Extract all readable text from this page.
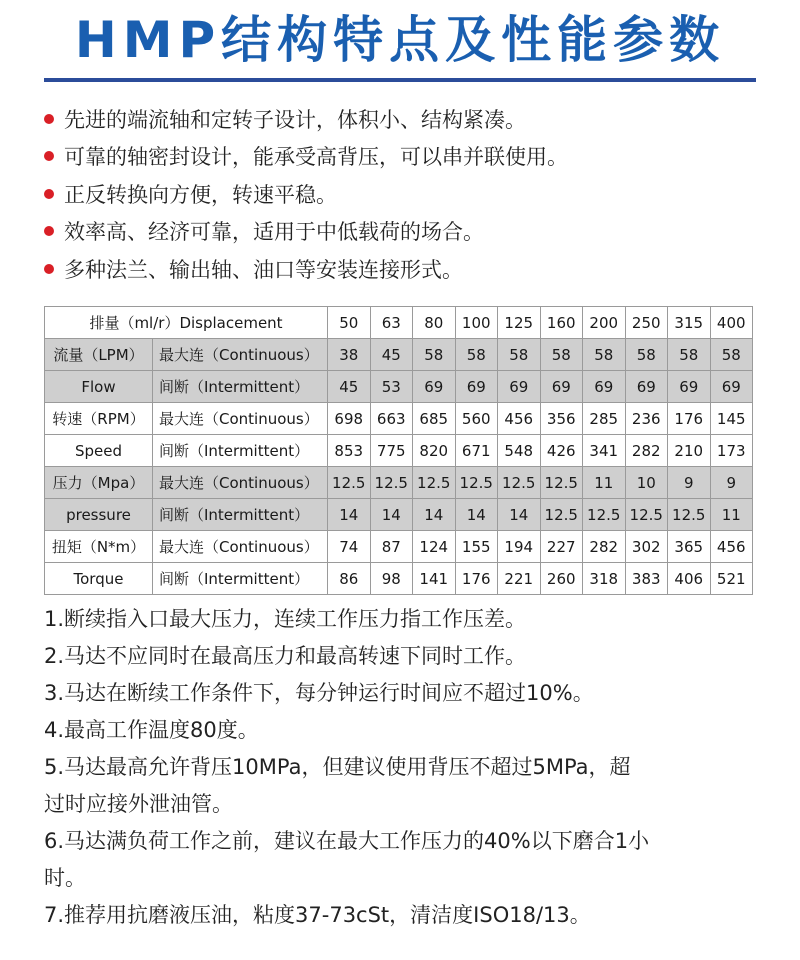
HMP结构特点及性能参数
先进的端流轴和定转子设计，体积小、结构紧凑。
可靠的轴密封设计，能承受高背压，可以串并联使用。
正反转换向方便，转速平稳。
效率高、经济可靠，适用于中低载荷的场合。
多种法兰、输出轴、油口等安装连接形式。
排量（ml/r）Displacement		50	63	80	100	125	160	200	250	315	400
流量（LPM）	最大连（Continuous）	38	45	58	58	58	58	58	58	58	58
Flow	间断（Intermittent）	45	53	69	69	69	69	69	69	69	69
转速（RPM）	最大连（Continuous）	698	663	685	560	456	356	285	236	176	145
Speed	间断（Intermittent）	853	775	820	671	548	426	341	282	210	173
压力（Mpa）	最大连（Continuous）	12.5	12.5	12.5	12.5	12.5	12.5	11	10	9	9
pressure	间断（Intermittent）	14	14	14	14	14	12.5	12.5	12.5	12.5	11
扭矩（N*m）	最大连（Continuous）	74	87	124	155	194	227	282	302	365	456
Torque	间断（Intermittent）	86	98	141	176	221	260	318	383	406	521
1.断续指入口最大压力，连续工作压力指工作压差。
2.马达不应同时在最高压力和最高转速下同时工作。
3.马达在断续工作条件下，每分钟运行时间应不超过10%。
4.最高工作温度80度。
5.马达最高允许背压10MPa，但建议使用背压不超过5MPa，超
过时应接外泄油管。
6.马达满负荷工作之前，建议在最大工作压力的40%以下磨合1小
时。
7.推荐用抗磨液压油，粘度37-73cSt，清洁度ISO18/13。
